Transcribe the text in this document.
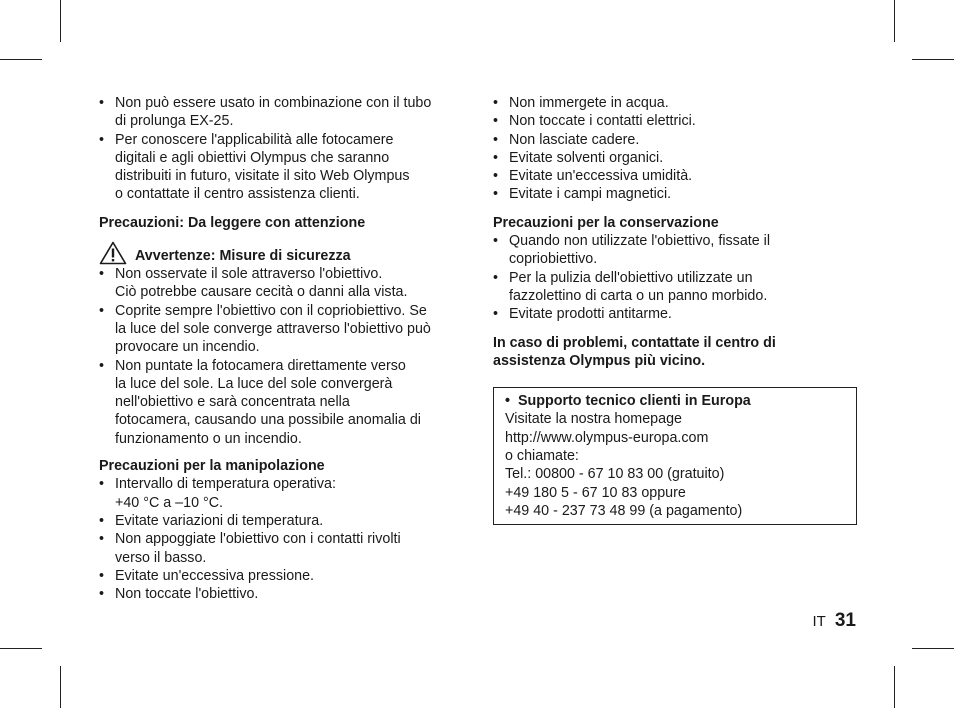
• Non può essere usato in combinazione con il tubo
di prolunga EX-25.
• Per conoscere l'applicabilità alle fotocamere
digitali e agli obiettivi Olympus che saranno
distribuiti in futuro, visitate il sito Web Olympus
o contattate il centro assistenza clienti.

Precauzioni: Da leggere con attenzione

Avvertenze: Misure di sicurezza
• Non osservate il sole attraverso l'obiettivo.
Ciò potrebbe causare cecità o danni alla vista.
• Coprite sempre l'obiettivo con il copriobiettivo. Se
la luce del sole converge attraverso l'obiettivo può
provocare un incendio.
• Non puntate la fotocamera direttamente verso
la luce del sole. La luce del sole convergerà
nell'obiettivo e sarà concentrata nella
fotocamera, causando una possibile anomalia di
funzionamento o un incendio.

Precauzioni per la manipolazione

• Intervallo di temperatura operativa:
+40 °C a –10 °C.
• Evitate variazioni di temperatura.
• Non appoggiate l'obiettivo con i contatti rivolti
verso il basso.
• Evitate un'eccessiva pressione.
• Non toccate l'obiettivo.
• Non immergete in acqua.
• Non toccate i contatti elettrici.
• Non lasciate cadere.
• Evitate solventi organici.
• Evitate un'eccessiva umidità.
• Evitate i campi magnetici.

Precauzioni per la conservazione

• Quando non utilizzate l'obiettivo, fissate il
copriobiettivo.
• Per la pulizia dell'obiettivo utilizzate un
fazzolettino di carta o un panno morbido.
• Evitate prodotti antitarme.

In caso di problemi, contattate il centro di
assistenza Olympus più vicino.

• Supporto tecnico clienti in Europa
Visitate la nostra homepage
http://www.olympus-europa.com
o chiamate:
Tel.: 00800 - 67 10 83 00 (gratuito)
+49 180 5 - 67 10 83 oppure
+49 40 - 237 73 48 99 (a pagamento)
IT 31
